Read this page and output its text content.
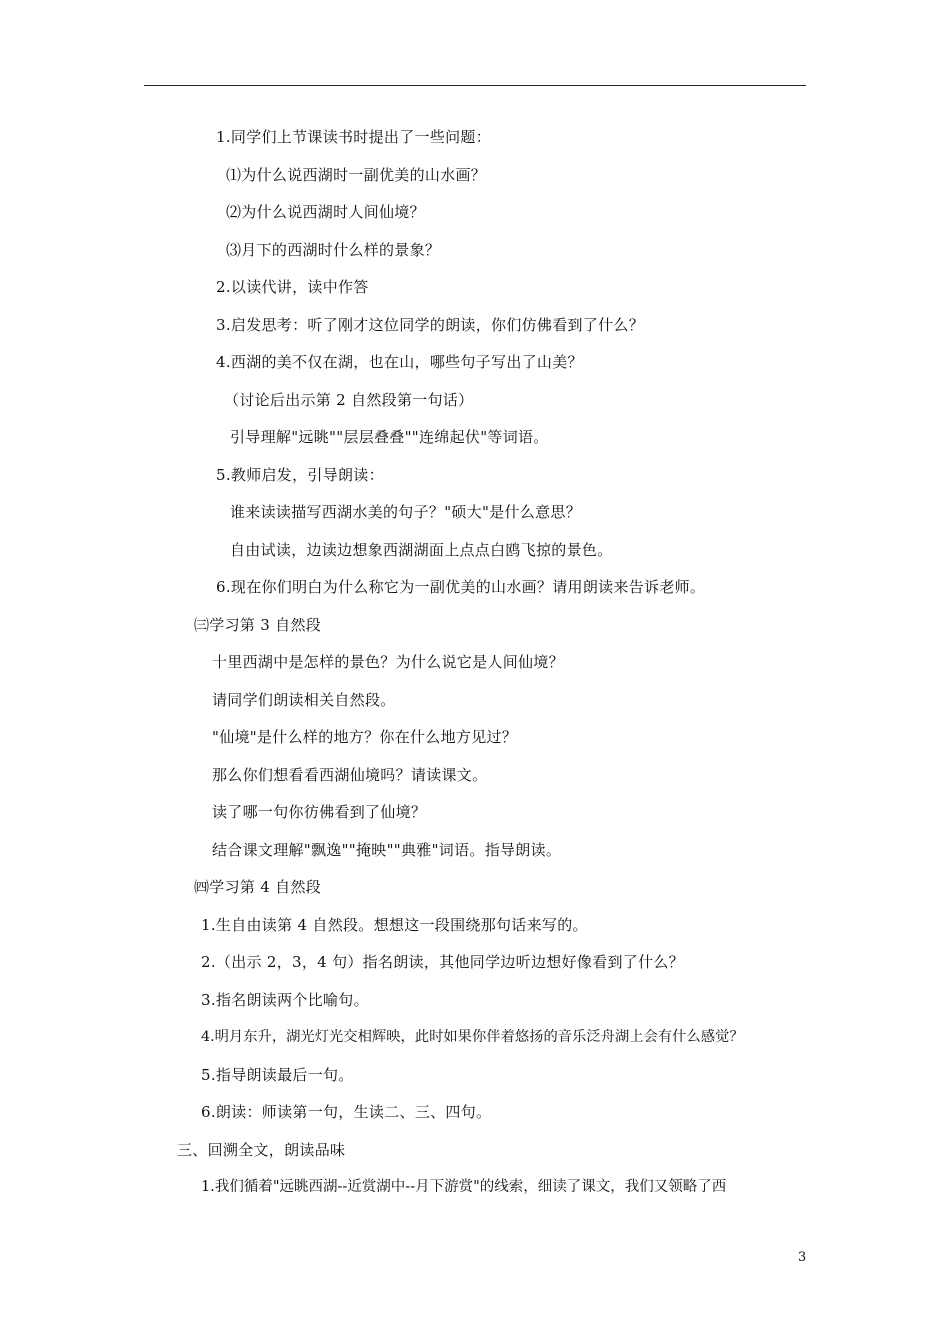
1.同学们上节课读书时提出了一些问题：
⑴为什么说西湖时一副优美的山水画？
⑵为什么说西湖时人间仙境？
⑶月下的西湖时什么样的景象？
2.以读代讲，读中作答
3.启发思考：听了刚才这位同学的朗读，你们仿佛看到了什么？
4.西湖的美不仅在湖，也在山，哪些句子写出了山美？
（讨论后出示第 2 自然段第一句话）
引导理解"远眺""层层叠叠""连绵起伏"等词语。
5.教师启发，引导朗读：
谁来读读描写西湖水美的句子？"硕大"是什么意思？
自由试读，边读边想象西湖湖面上点点白鸥飞掠的景色。
6.现在你们明白为什么称它为一副优美的山水画？请用朗读来告诉老师。
㈢学习第 3 自然段
十里西湖中是怎样的景色？为什么说它是人间仙境？
请同学们朗读相关自然段。
"仙境"是什么样的地方？你在什么地方见过？
那么你们想看看西湖仙境吗？请读课文。
读了哪一句你彷佛看到了仙境？
结合课文理解"飘逸""掩映""典雅"词语。指导朗读。
㈣学习第 4 自然段
1.生自由读第 4 自然段。想想这一段围绕那句话来写的。
2.（出示 2，3，4 句）指名朗读，其他同学边听边想好像看到了什么？
3.指名朗读两个比喻句。
4.明月东升，湖光灯光交相辉映，此时如果你伴着悠扬的音乐泛舟湖上会有什么感觉？
5.指导朗读最后一句。
6.朗读：师读第一句，生读二、三、四句。
三、回溯全文，朗读品味
1.我们循着"远眺西湖--近赏湖中--月下游赏"的线索，细读了课文，我们又领略了西
3
